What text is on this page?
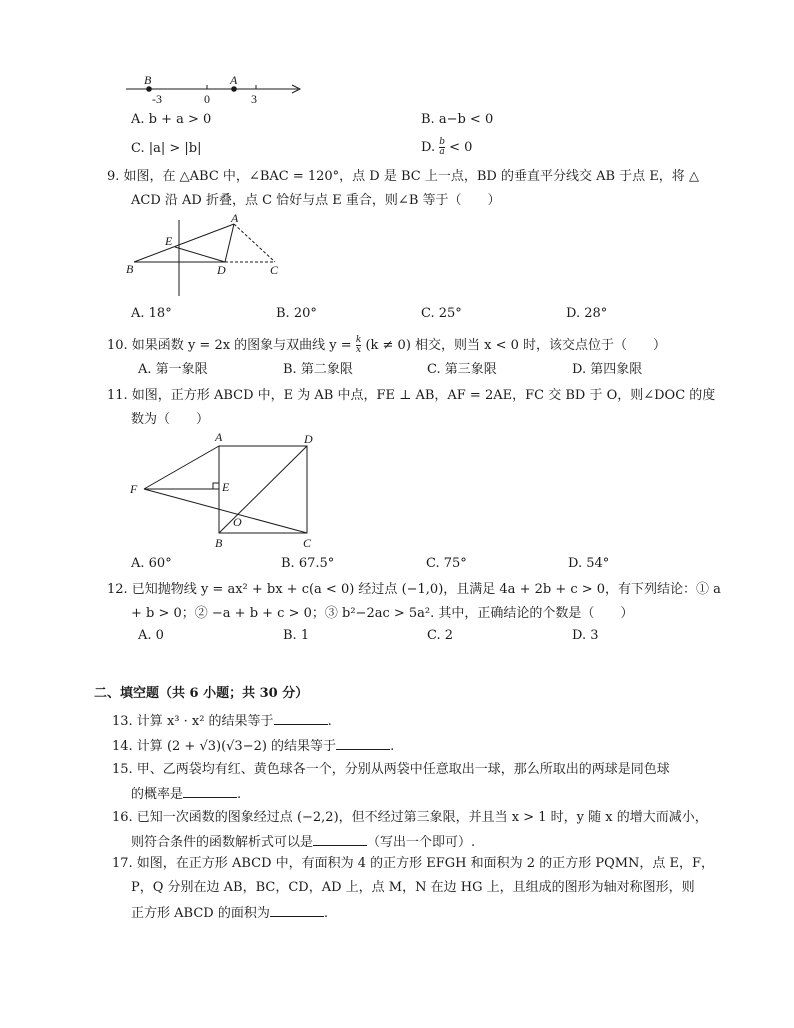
B	A
-3	0	3
A. b + a > 0	B. a−b < 0
C. |a| > |b|	D. $\frac{b}{a} < 0$
9. 如图，在 △ABC 中，∠BAC = 120°，点 D 是 BC 上一点，BD 的垂直平分线交 AB 于点 E，将 △
ACD 沿 AD 折叠，点 C 恰好与点 E 重合，则∠B 等于（　　）
A
E
B	D	C
A. 18°	B. 20°	C. 25°	D. 28°
10. 如果函数 y = 2x 的图象与双曲线 $y = \frac{k}{x} (k \ne 0)$ 相交，则当 x < 0 时，该交点位于（　　）
A. 第一象限	B. 第二象限	C. 第三象限	D. 第四象限
11. 如图，正方形 ABCD 中，E 为 AB 中点，FE ⊥ AB，AF = 2AE，FC 交 BD 于 O，则∠DOC 的度
数为（　　）
A	D
F	E
O
B	C
A. 60°	B. 67.5°	C. 75°	D. 54°
12. 已知抛物线 y = ax² + bx + c(a < 0) 经过点 (−1,0)，且满足 4a + 2b + c > 0，有下列结论：① a
+ b > 0；② −a + b + c > 0；③ b²−2ac > 5a². 其中，正确结论的个数是（　　）
A. 0	B. 1	C. 2	D. 3
二、填空题（共 6 小题；共 30 分）
13. 计算 x³ · x² 的结果等于	.
14. 计算 (2 + √3)(√3−2) 的结果等于	.
15. 甲、乙两袋均有红、黄色球各一个，分别从两袋中任意取出一球，那么所取出的两球是同色球
的概率是	.
16. 已知一次函数的图象经过点 (−2,2)，但不经过第三象限，并且当 x > 1 时，y 随 x 的增大而减小，
则符合条件的函数解析式可以是	（写出一个即可）.
17. 如图，在正方形 ABCD 中，有面积为 4 的正方形 EFGH 和面积为 2 的正方形 PQMN，点 E，F，
P，Q 分别在边 AB，BC，CD，AD 上，点 M，N 在边 HG 上，且组成的图形为轴对称图形，则
正方形 ABCD 的面积为	.
